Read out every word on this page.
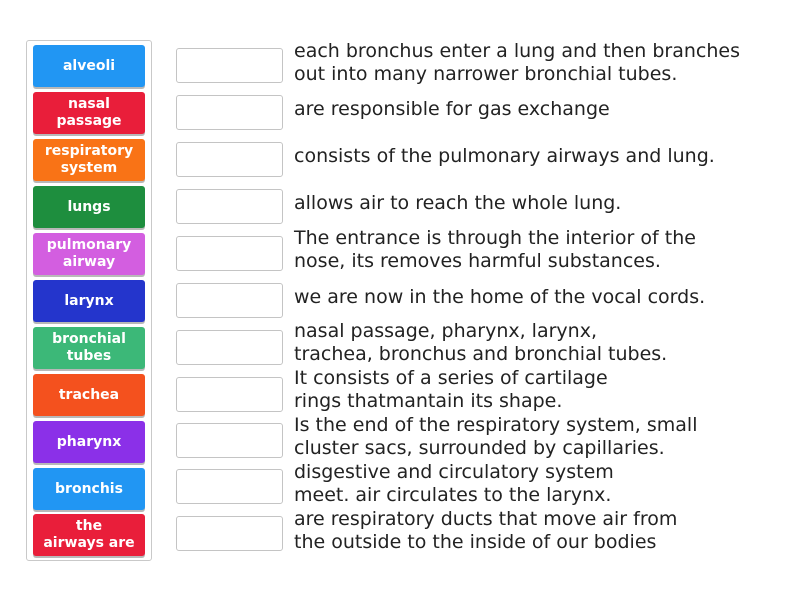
alveoli
nasal
passage
respiratory
system
lungs
pulmonary
airway
larynx
bronchial
tubes
trachea
pharynx
bronchis
the
airways are
each bronchus enter a lung and then branches
out into many narrower bronchial tubes.
are responsible for gas exchange
consists of the pulmonary airways and lung.
allows air to reach the whole lung.
The entrance is through the interior of the
nose, its removes harmful substances.
we are now in the home of the vocal cords.
nasal passage, pharynx, larynx,
trachea, bronchus and bronchial tubes.
It consists of a series of cartilage
rings thatmantain its shape.
Is the end of the respiratory system, small
cluster sacs, surrounded by capillaries.
disgestive and circulatory system
meet. air circulates to the larynx.
are respiratory ducts that move air from
the outside to the inside of our bodies
